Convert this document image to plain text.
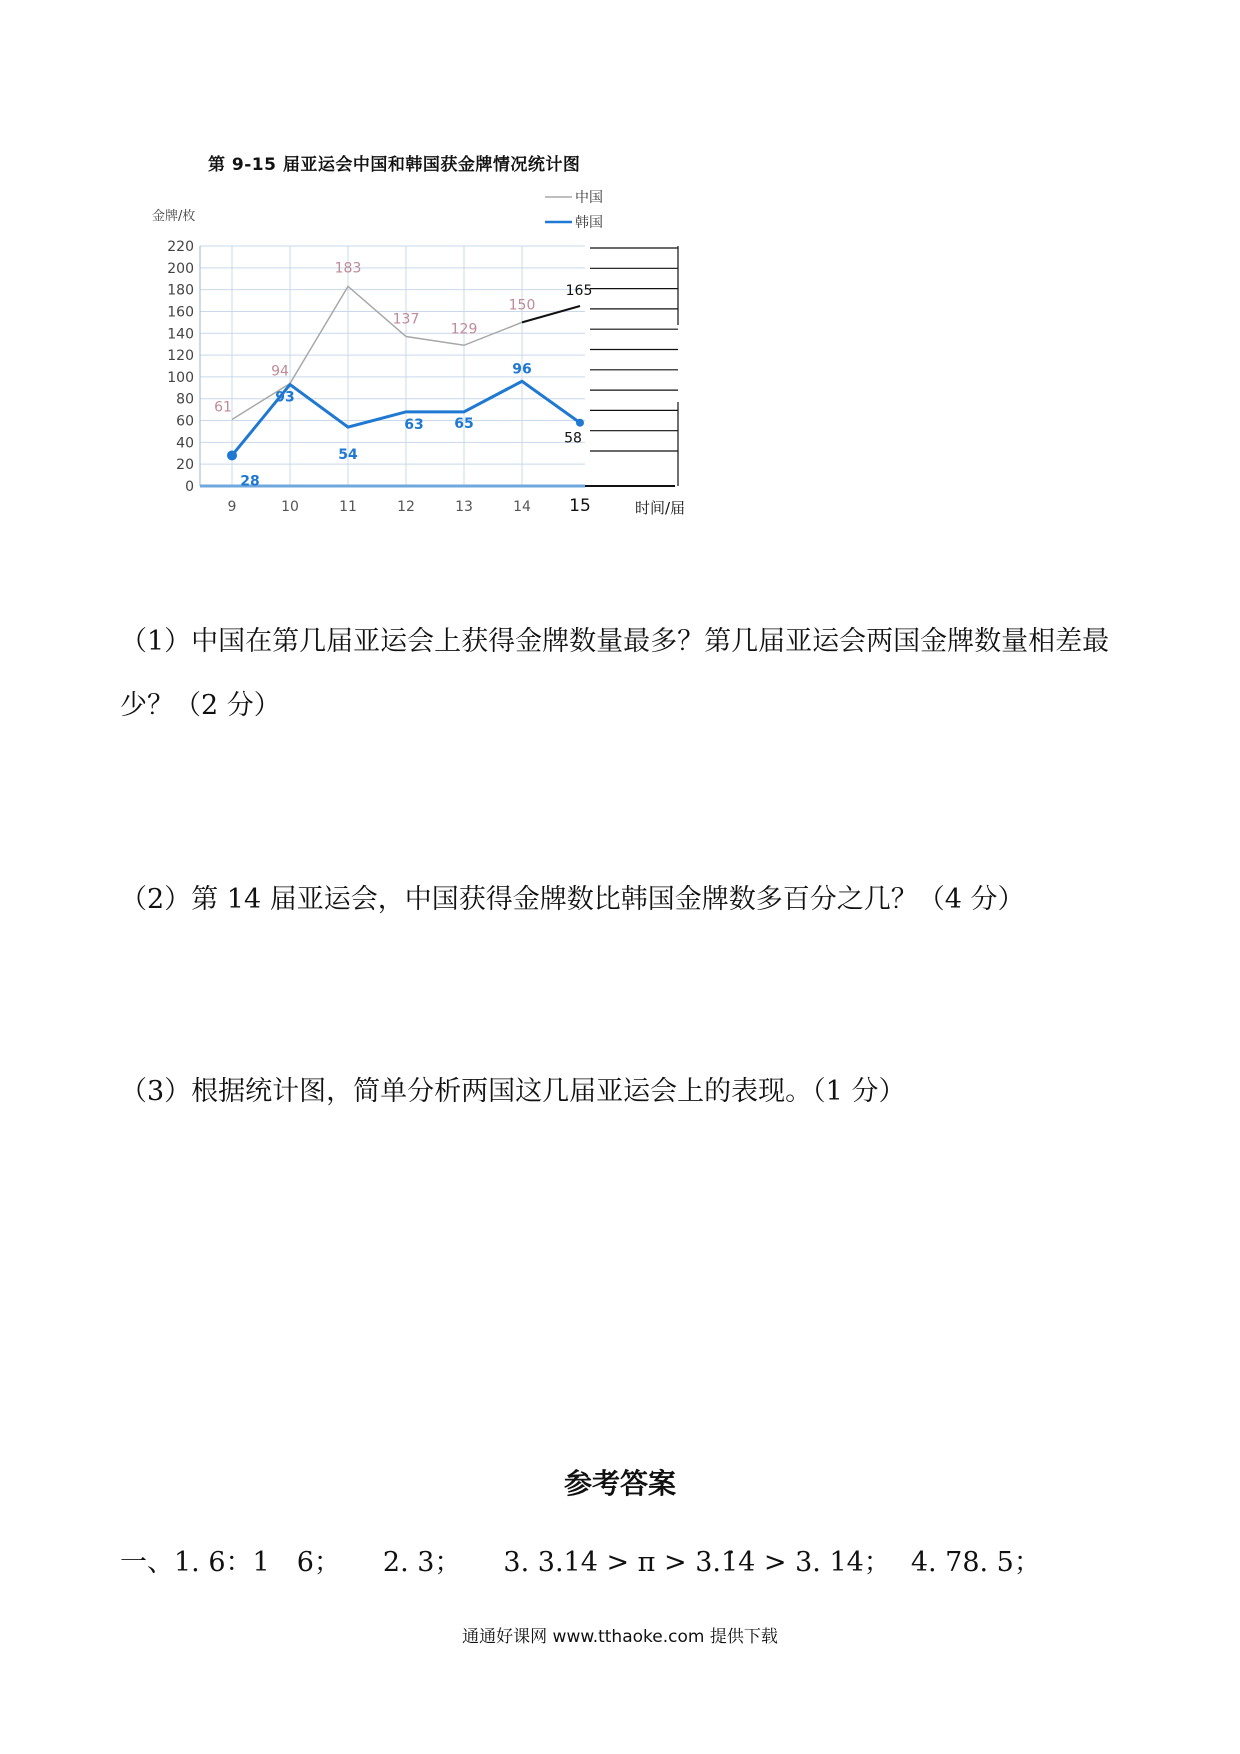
第 9-15 届亚运会中国和韩国获金牌情况统计图
0
20
40
60
80
100
120
140
160
180
200
220
9	10	11	12	13	14 15
金牌/枚
时间/届
61
94
183
137
129
150
165
28
93
54
63 65
96
58
中国
韩国
（1）中国在第几届亚运会上获得金牌数量最多？第几届亚运会两国金牌数量相差最少？（2 分）
（2）第 14 届亚运会，中国获得金牌数比韩国金牌数多百分之几？（4 分）
（3）根据统计图，简单分析两国这几届亚运会上的表现。（1 分）
参考答案
一、1. 6：1　6； 2. 3； 3. 3.14̇ > π > 3.1̇4̇ > 3. 14； 4. 78. 5；
通通好课网 www.tthaoke.com 提供下载
